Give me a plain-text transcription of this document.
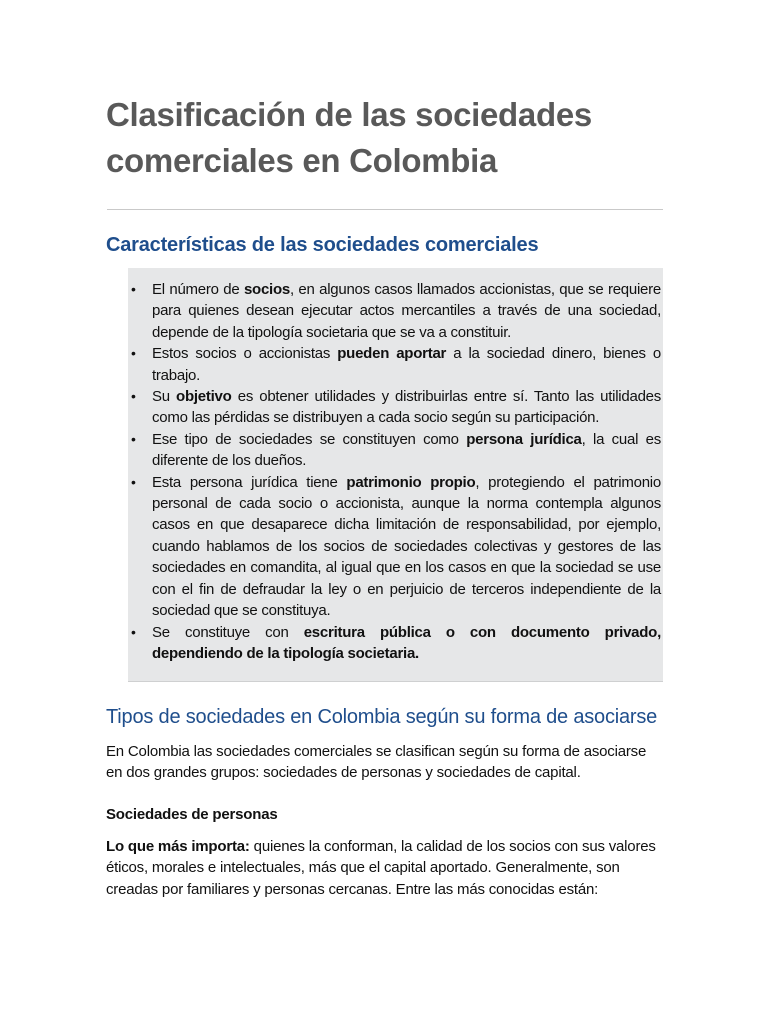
Clasificación de las sociedades comerciales en Colombia
Características de las sociedades comerciales
• El número de socios, en algunos casos llamados accionistas, que se requiere para quienes desean ejecutar actos mercantiles a través de una sociedad, depende de la tipología societaria que se va a constituir.
• Estos socios o accionistas pueden aportar a la sociedad dinero, bienes o trabajo.
• Su objetivo es obtener utilidades y distribuirlas entre sí. Tanto las utilidades como las pérdidas se distribuyen a cada socio según su participación.
• Ese tipo de sociedades se constituyen como persona jurídica, la cual es diferente de los dueños.
• Esta persona jurídica tiene patrimonio propio, protegiendo el patrimonio personal de cada socio o accionista, aunque la norma contempla algunos casos en que desaparece dicha limitación de responsabilidad, por ejemplo, cuando hablamos de los socios de sociedades colectivas y gestores de las sociedades en comandita, al igual que en los casos en que la sociedad se use con el fin de defraudar la ley o en perjuicio de terceros independiente de la sociedad que se constituya.
• Se constituye con escritura pública o con documento privado, dependiendo de la tipología societaria.
Tipos de sociedades en Colombia según su forma de asociarse

En Colombia las sociedades comerciales se clasifican según su forma de asociarse en dos grandes grupos: sociedades de personas y sociedades de capital.

Sociedades de personas

Lo que más importa: quienes la conforman, la calidad de los socios con sus valores éticos, morales e intelectuales, más que el capital aportado. Generalmente, son creadas por familiares y personas cercanas. Entre las más conocidas están:
